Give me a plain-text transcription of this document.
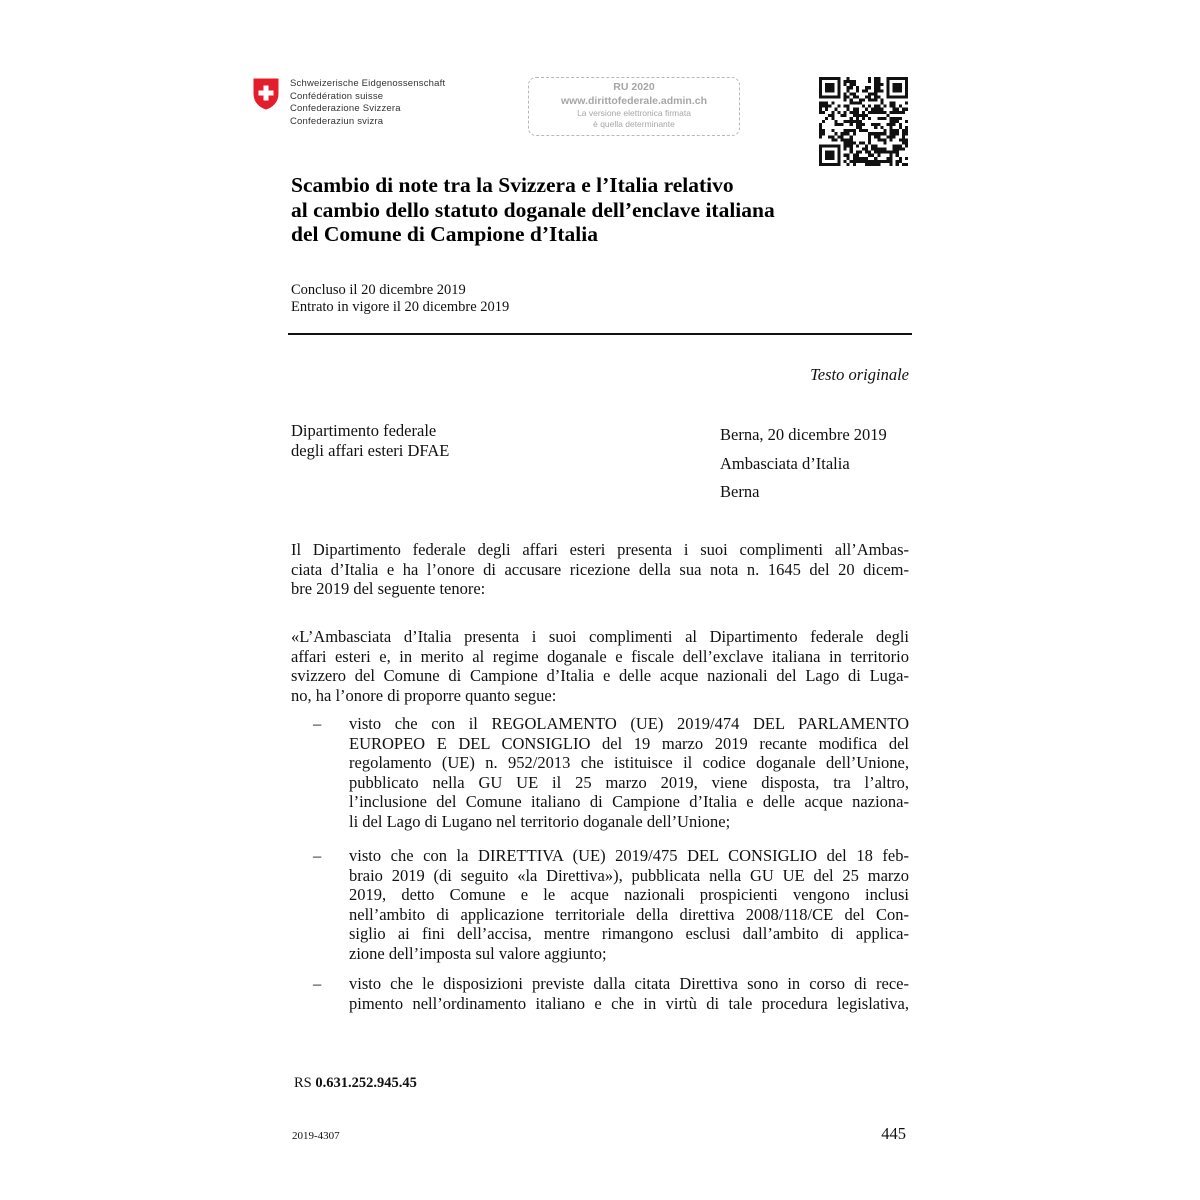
Schweizerische Eidgenossenschaft
Confédération suisse
Confederazione Svizzera
Confederaziun svizra
RU 2020
www.dirittofederale.admin.ch
La versione elettronica firmata
è quella determinante
Scambio di note tra la Svizzera e l’Italia relativo
al cambio dello statuto doganale dell’enclave italiana
del Comune di Campione d’Italia
Concluso il 20 dicembre 2019
Entrato in vigore il 20 dicembre 2019
Testo originale
Dipartimento federale
degli affari esteri DFAE
Berna, 20 dicembre 2019
Ambasciata d’Italia
Berna
Il Dipartimento federale degli affari esteri presenta i suoi complimenti all’Ambas-
ciata d’Italia e ha l’onore di accusare ricezione della sua nota n. 1645 del 20 dicem-
bre 2019 del seguente tenore:
«L’Ambasciata d’Italia presenta i suoi complimenti al Dipartimento federale degli
affari esteri e, in merito al regime doganale e fiscale dell’exclave italiana in territorio
svizzero del Comune di Campione d’Italia e delle acque nazionali del Lago di Luga-
no, ha l’onore di proporre quanto segue:
– visto che con il REGOLAMENTO (UE) 2019/474 DEL PARLAMENTO
EUROPEO E DEL CONSIGLIO del 19 marzo 2019 recante modifica del
regolamento (UE) n. 952/2013 che istituisce il codice doganale dell’Unione,
pubblicato nella GU UE il 25 marzo 2019, viene disposta, tra l’altro,
l’inclusione del Comune italiano di Campione d’Italia e delle acque naziona-
li del Lago di Lugano nel territorio doganale dell’Unione;
– visto che con la DIRETTIVA (UE) 2019/475 DEL CONSIGLIO del 18 feb-
braio 2019 (di seguito «la Direttiva»), pubblicata nella GU UE del 25 marzo
2019, detto Comune e le acque nazionali prospicienti vengono inclusi
nell’ambito di applicazione territoriale della direttiva 2008/118/CE del Con-
siglio ai fini dell’accisa, mentre rimangono esclusi dall’ambito di applica-
zione dell’imposta sul valore aggiunto;
– visto che le disposizioni previste dalla citata Direttiva sono in corso di rece-
pimento nell’ordinamento italiano e che in virtù di tale procedura legislativa,
RS 0.631.252.945.45
2019-4307	445
